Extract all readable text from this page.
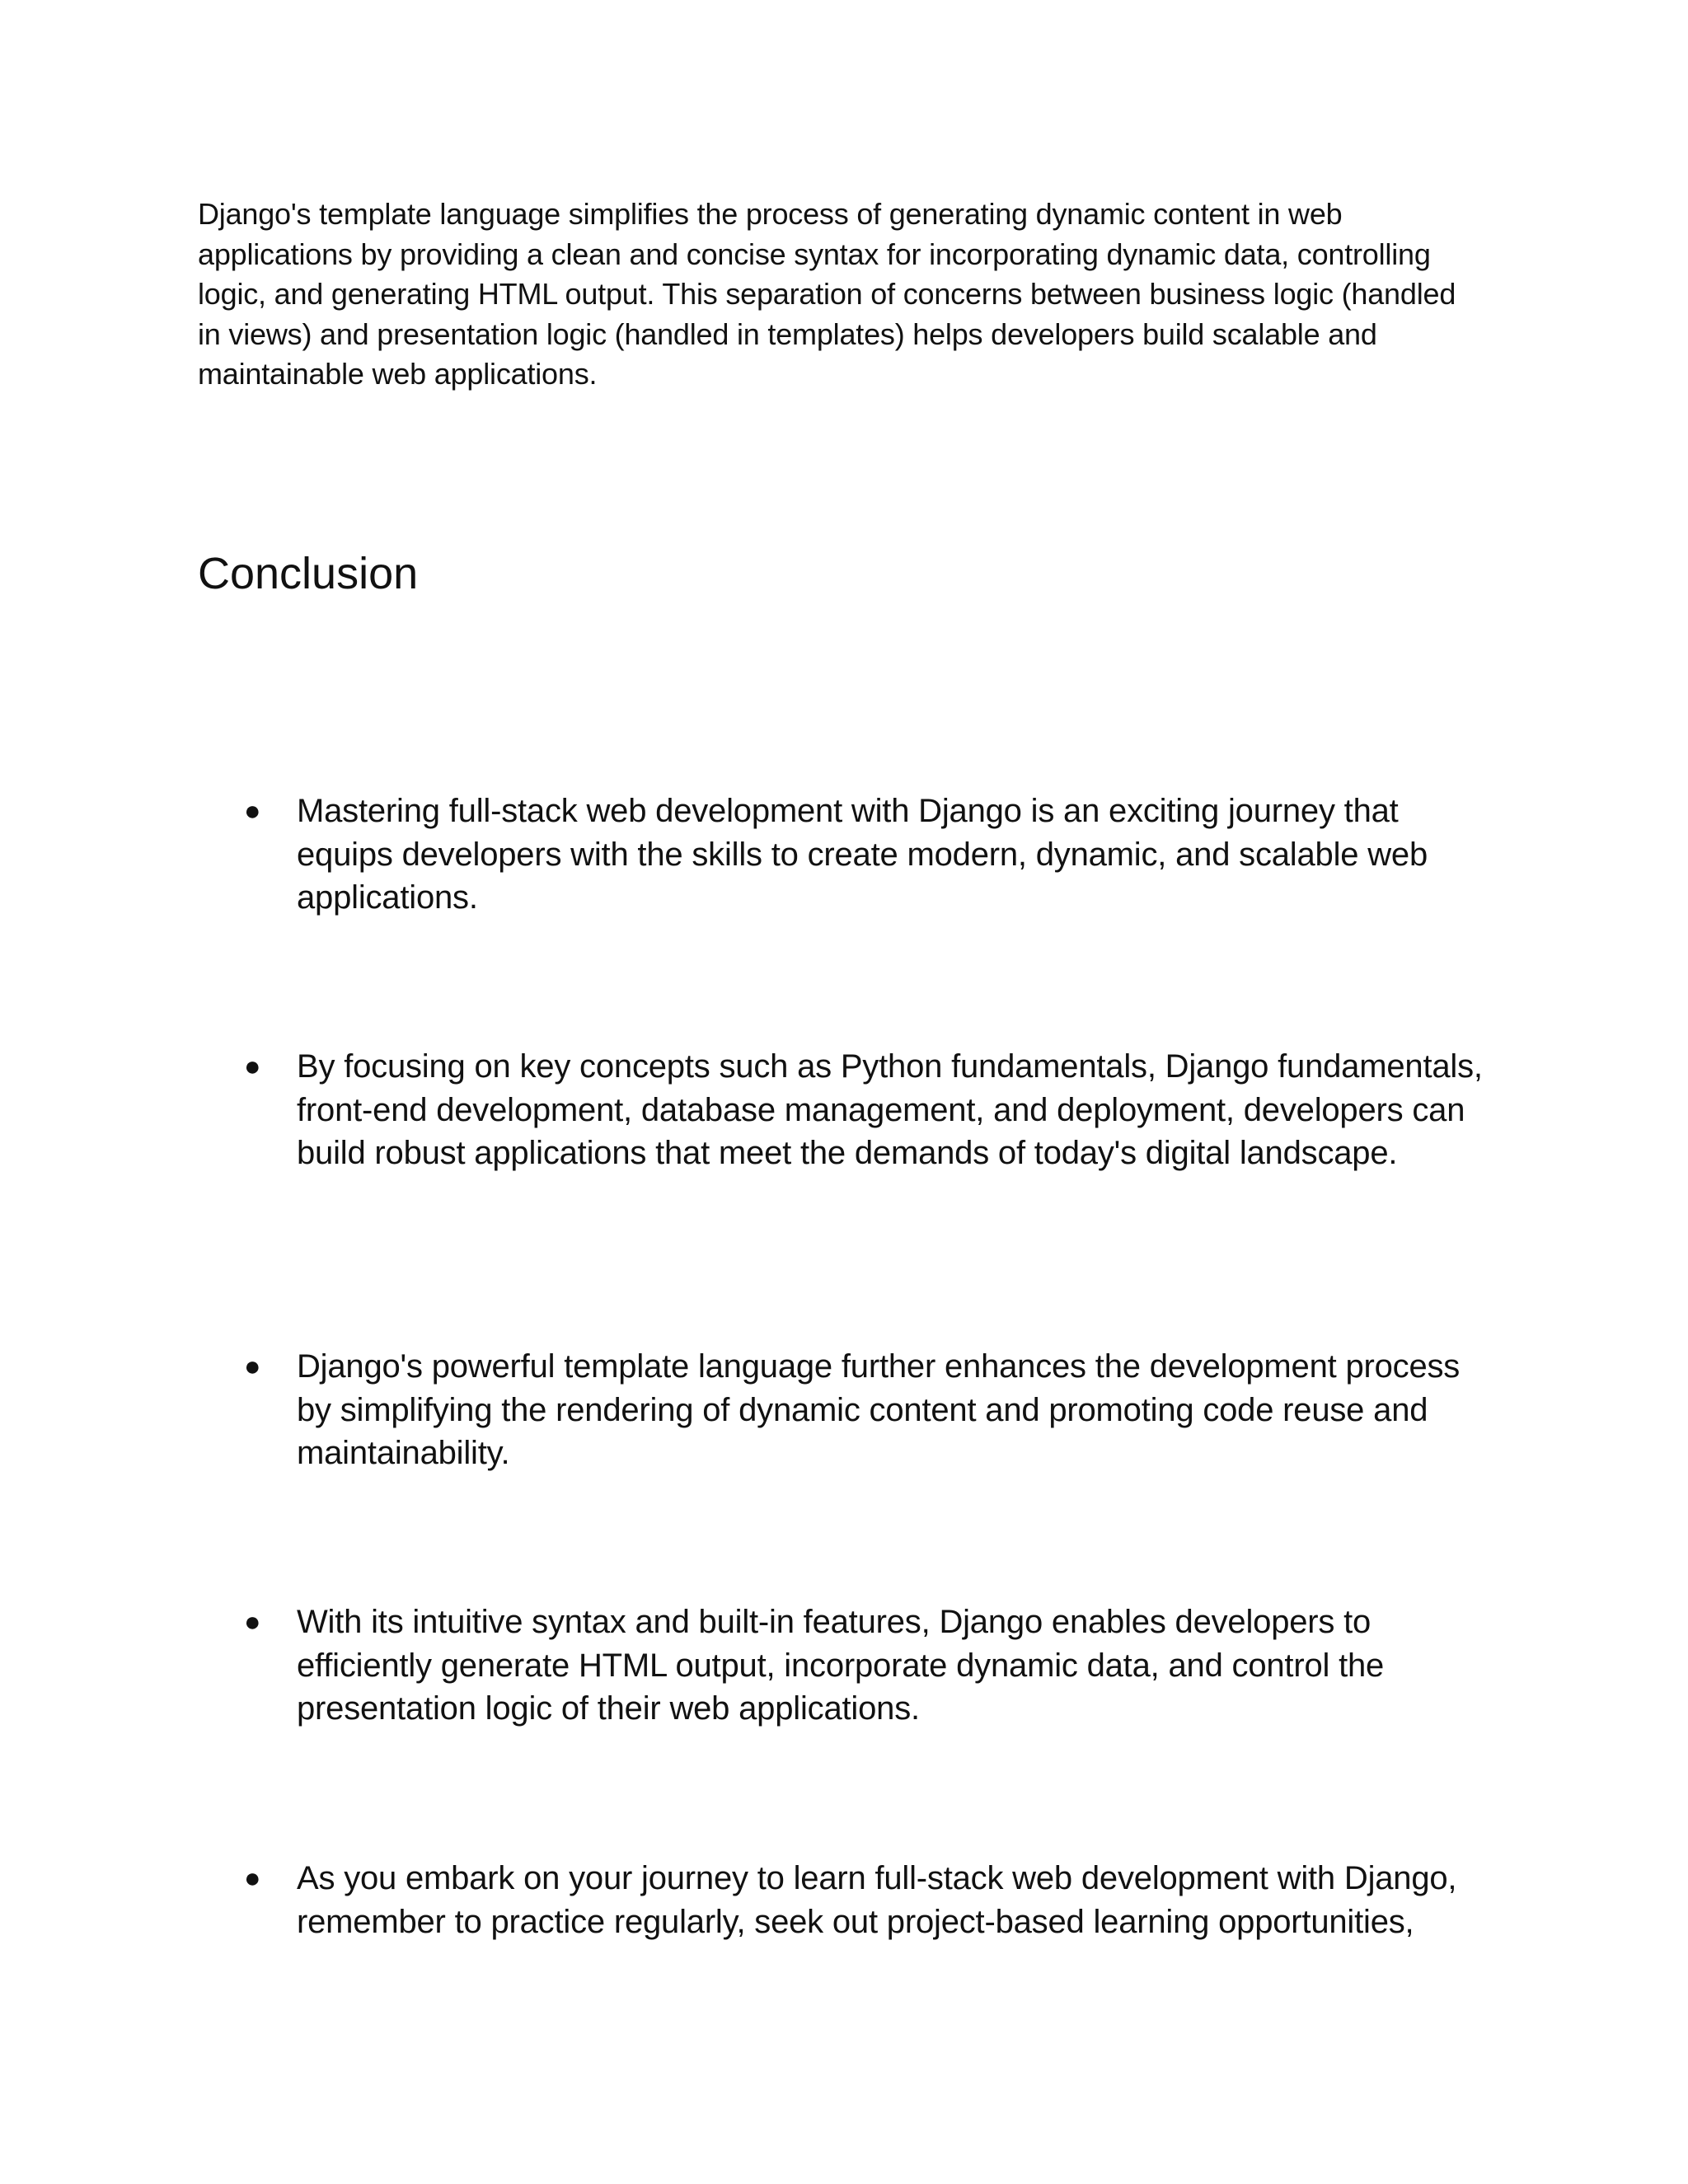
Django's template language simplifies the process of generating dynamic content in web applications by providing a clean and concise syntax for incorporating dynamic data, controlling logic, and generating HTML output. This separation of concerns between business logic (handled in views) and presentation logic (handled in templates) helps developers build scalable and maintainable web applications.

Conclusion
●	Mastering full-stack web development with Django is an exciting journey that equips developers with the skills to create modern, dynamic, and scalable web applications.
●	By focusing on key concepts such as Python fundamentals, Django fundamentals, front-end development, database management, and deployment, developers can build robust applications that meet the demands of today's digital landscape.
●	Django's powerful template language further enhances the development process by simplifying the rendering of dynamic content and promoting code reuse and maintainability.
●	With its intuitive syntax and built-in features, Django enables developers to efficiently generate HTML output, incorporate dynamic data, and control the presentation logic of their web applications.
●	As you embark on your journey to learn full-stack web development with Django, remember to practice regularly, seek out project-based learning opportunities,
